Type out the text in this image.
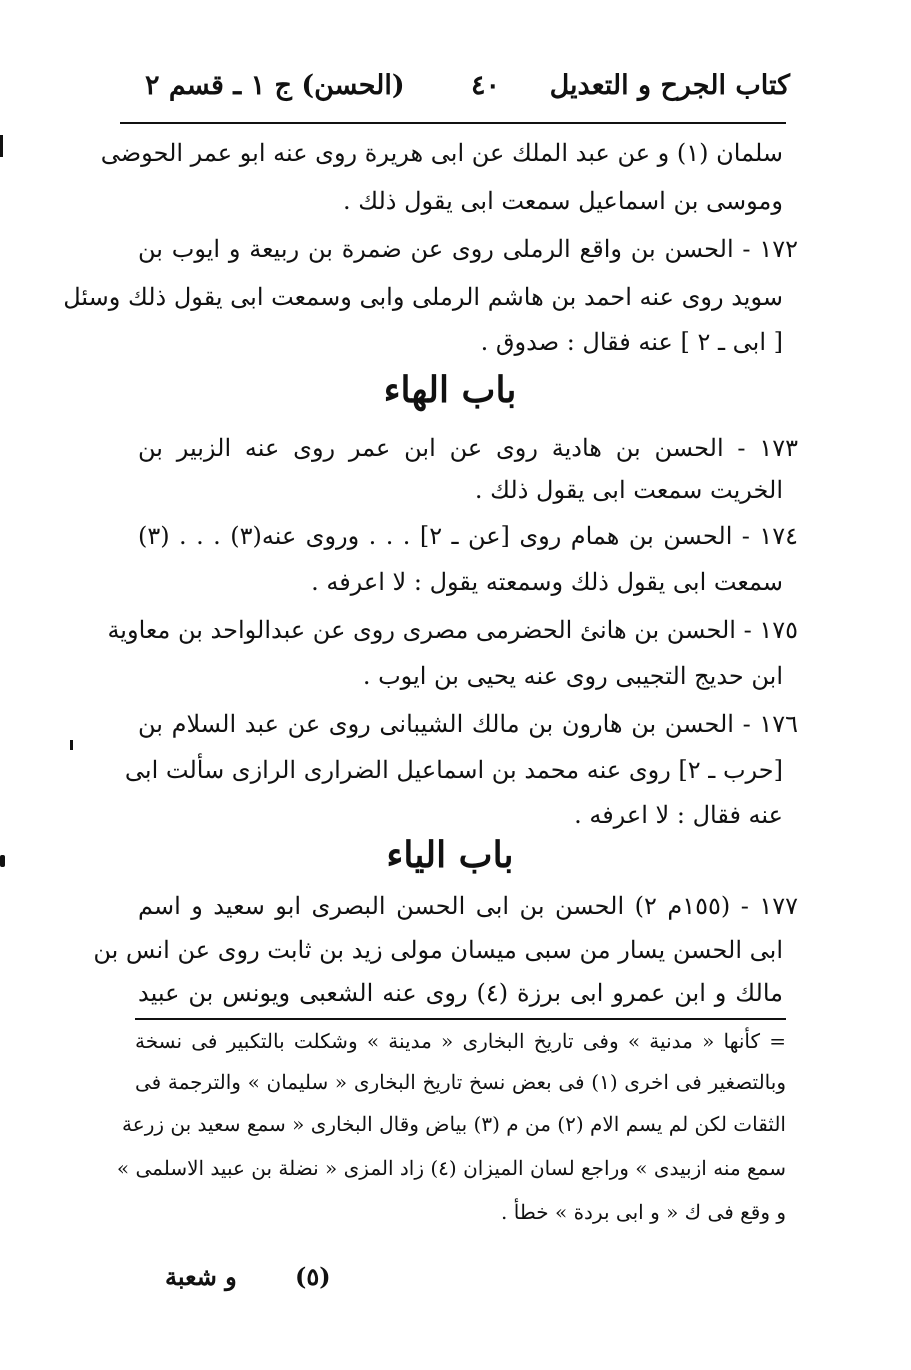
كتاب الجرح و التعديل
٤٠
(الحسن) ج ١ ـ قسم ٢
سلمان (١) و عن عبد الملك عن ابى هريرة روى عنه ابو عمر الحوضى
وموسى بن اسماعيل سمعت ابى يقول ذلك .
١٧٢ - الحسن بن واقع الرملى روى عن ضمرة بن ربيعة و ايوب بن
سويد روى عنه احمد بن هاشم الرملى وابى وسمعت ابى يقول ذلك وسئل
[ ابى ـ ٢ ] عنه فقال : صدوق .
باب الهاء
١٧٣ - الحسن بن هادية روى عن ابن عمر روى عنه الزبير بن
الخريت سمعت ابى يقول ذلك .
١٧٤ - الحسن بن همام روى [عن ـ ٢] . . . وروى عنه(٣) . . . (٣)
سمعت ابى يقول ذلك وسمعته يقول : لا اعرفه .
١٧٥ - الحسن بن هانئ الحضرمى مصرى روى عن عبدالواحد بن معاوية
ابن حديج التجيبى روى عنه يحيى بن ايوب .
١٧٦ - الحسن بن هارون بن مالك الشيبانى روى عن عبد السلام بن
[حرب ـ ٢] روى عنه محمد بن اسماعيل الضرارى الرازى سألت ابى
عنه فقال : لا اعرفه .
باب الياء
١٧٧ - (١٥٥م ٢) الحسن بن ابى الحسن البصرى ابو سعيد و اسم
ابى الحسن يسار من سبى ميسان مولى زيد بن ثابت روى عن انس بن
مالك و ابن عمرو ابى برزة (٤) روى عنه الشعبى ويونس بن عبيد
= كأنها « مدنية » وفى تاريخ البخارى « مدينة » وشكلت بالتكبير فى نسخة
وبالتصغير فى اخرى (١) فى بعض نسخ تاريخ البخارى « سليمان » والترجمة فى
الثقات لكن لم يسم الام (٢) من م (٣) بياض وقال البخارى « سمع سعيد بن زرعة
سمع منه ازبيدى » وراجع لسان الميزان (٤) زاد المزى « نضلة بن عبيد الاسلمى »
و وقع فى ك « و ابى بردة » خطأ .
(٥)
و شعبة
